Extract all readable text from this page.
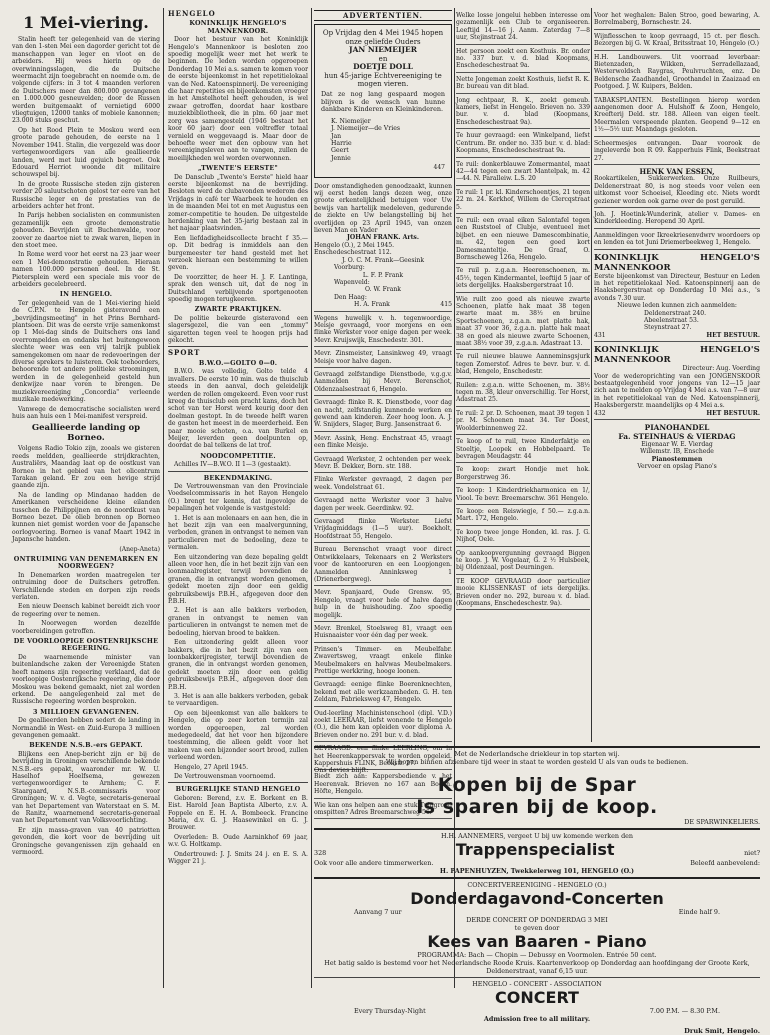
1 Mei-viering.

Stalin heeft ter gelegenheid van de viering van den 1-sten Mei een dagorder gericht tot de manschappen van leger en vloot en de arbeiders. Hij wees hierin op de overwinningsslagen, die de Duitsche weermacht zijn toegebracht en noemde o.m. de volgende cijfers: in 3 tot 4 maanden verloren de Duitschers meer dan 800.000 gevangenen en 1.000.000 gesneuvelden; door de Russen werden buitgemaakt of vernietigd 6000 vliegtuigen, 12000 tanks of mobiele kanonnen; 23.000 stuks geschut.

Op het Rood Plein te Moskou werd een groote parade gehouden, de eerste na 1 November 1941. Stalin, die vergezeld was door vertegenwoordigers van alle geallieerde landen, werd met luid gejuich begroet. Ook Edouard Herriot woonde dit militaire schouwspel bij.

In de groote Russische steden zijn gisteren verder 20 saluutschoten gelost ter eere van het Russische leger en de prestaties van de arbeiders achter het front.

In Parijs hebben socialisten en communisten gezamenlijk een groote demonstratie gehouden. Bevrijden uit Buchenwalde, voor zoover ze daartoe niet te zwak waren, liepen in den stoet mee.

In Rome werd voor het eerst na 23 jaar weer een 1 Mei-demonstratie gehouden. Hieraan namen 100.000 personen deel. In de St. Pietersplein werd een speciale mis voor de arbeiders gecelebreerd.

IN HENGELO.

Ter gelegenheid van de 1 Mei-viering hield de C.P.N. te Hengelo gisteravond een „bevrijdingsmeeting" in het Prins Bernhard-plantsoen. Dit was de eerste vrije samenkomst op 1 Mei-dag sinds de Duitschers ons land overrompelden en ondanks het buitengewoon slechte weer was een vrij talrijk publiek samengekomen om naar de redevoeringen der diverse sprekers te luisteren. Ook toehoorders, behoorende tot andere politieke stroomingen, werden in de gelegenheid gesteld hun denkwijze naar voren te brengen. De muziekvereeniging „Concordia" verleende muzikale medewerking.

Vanwege de democratische socialisten werd huis aan huis een 1 Mei-manifest verspreid.

Geallieerde landing op Borneo.

Volgens Radio Tokio zijn, zooals we gisteren reeds meldden, geallieerde strijdkrachten, Australiërs, Maandag laat op de oostkust van Borneo in het gebied van het olicentrum Tarakan geland. Er zou een hevige strijd gaande zijn.

Na de landing op Mindanao hadden de Amerikanen verscheidene kleine eilanden tusschen de Philippijnen en de noordkust van Borneo bezet. De olieb bronnen op Borneo kunnen niet gemist worden voor de Japansche oorlogvoering. Borneo is vanaf Maart 1942 in Japansche handen.

(Aneр-Aneta)
ONTRUIMING VAN DENEMARKEN EN NOORWEGEN?

In Denemarken worden maatregelen ter ontruiming door de Duitschers getroffen. Verschillende steden en dorpen zijn reeds verlaten.

Een nieuw Deensch kabinet bereidt zich voor de regeering over te nemen.

In Noorwegen worden dezelfde voorbereidingen getroffen.

DE VOORLOOPIGE OOSTENRIJKSCHE REGEERING.

De waarnemende minister van buitenlandsche zaken der Vereenigde Staten heeft namens zijn regeering verklaard, dat de voorloopige Oostenrijksche regeering, die door Moskou was bekend gemaakt, niet zal worden erkend. De aangelegenheid zal met de Russische regeering worden besproken.

3 MILLIOEN GEVANGENEN.

De geallieerden hebben sedert de landing in Normandië in West- en Zuid-Europa 3 millioen gevangenen gemaakt.

BEKENDE N.S.B.-ers GEPAKT.

Blijkens een Aneр-bericht zijn er bij de bevrijding in Groningen verschillende bekende N.S.B.-ers gepakt, waaronder mr. W. U. Haselhof Hoelfsema, gewezen vertegenwoordiger te Arnhem; C. F. Staargaard, N.S.B.-commissaris voor Groningen; W. v. d. Vegte, secretaris-generaal van het Departement van Waterstaat en S. M. de Ranitz, waarnemend secretaris-generaal van het Departement van Volksvoorlichting.

Er zijn massa-graven van 40 patriotten gevonden, die kort voor de bevrijding uit Groningsche gevangenissen zijn gehaald en vermoord.

HENGELO
KONINKLIJK HENGELO'S MANNENKOOR.

Door het bestuur van het Koninklijk Hengelo's Mannenkoor is besloten zoo spoedig mogelijk weer met het werk te beginnen. De leden worden opgeroepen Donderdag 10 Mei a.s. samen te komen voor de eerste bijeenkomst in het repetitielokaal van de Ned. Katoenspinnerij. De vereeniging die haar repetities en bijeenkomsten vroeger in het Amstelhotel heeft gehouden, is wel zwaar getroffen, doordat haar kostbare muziekbibliotheek, die in plm. 60 jaar met zorg was samengesteld (1946 bestaat het koor 60 jaar) door een voltreffer totaal vernield en weggevaagd is. Maar door de behoefte weer met den opbouw van het vereenigingsleven aan te vangen, zullen de moeilijkheden wel worden overwonnen.

„TWENTE'S EERSTE"

De Dansclub „Twente's Eerste" hield haar eerste bijeenkomst na de bevrijding. Besloten werd de clubavonden wederom des Vrijdags in café ter Waarbeek te houden en in de maanden Mei tot en met Augustus een zomer-competitie te houden. De uitgestelde herdenking van het 35-jarig bestaan zal in het najaar plaatsvinden.

Een liefdadigheidscollecte bracht f 35.— op. Dit bedrag is inmiddels aan den burgemeester ter hand gesteld met het verzoek hieraan een bestemming te willen geven.

De voorzitter, de heer H. J. F. Lantinga, sprak den wensch uit, dat de nog in Duitschland verblijvende sportgenooten spoedig mogen terugkeeren.

ZWARTE PRAKTIJKEN.

De politie bekeurde gisteravond een slagersgezel, die van een „tommy" sigaretten tegen veel te hoogen prijs had gekocht.

SPORT
B.W.O.—GOLTO 0—0.

B.W.O. was volledig, Golto telde 4 invallers. De eerste 10 min. was de thuisclub steeds in den aanval, doch geleidelijk werden de rollen omgekeerd. Even voor rust kreeg de thuisclub een pracht kans, doch het schot van ter Horst werd keurig door den doelman gestopt. In de tweede helft waren de gasten het meest in de meerderheid. Een paar mooie schoten, o.a. van Burkel en Meijer, leverden geen doelpunten op, doordat de bal telkens de lat trof.

NOODCOMPETITIE.

Achilles IV—B.W.O. II 1—3 (gestaakt).

BEKENDMAKING.

De Vertrouwensman van den Provinciale Voedselcommissaris in het Rayon Hengelo (O.) brengt ter kennis, dat ingevolge de bepalingen het volgende is vastgesteld:

1. Het is aan molenaars en aan hen, die in het bezit zijn van een maalvergunning, verboden, granen in ontvangst te nemen van particulieren met de bedoeling, deze te vermalen.

Een uitzondering van deze bepaling geldt alleen voor hen, die in het bezit zijn van een loonmaalregister, terwijl bovendien de granen, die in ontvangst worden genomen, gedekt moeten zijn door een geldig gebruiksbewijs P.B.H., afgegeven door den P.B.H.

2. Het is aan alle bakkers verboden, granen in ontvangst te nemen van particulieren in ontvangst te nemen met de bedoeling, hiervan brood te bakken.

Een uitzondering geldt alleen voor bakkers, die in het bezit zijn van een loonbakkerijregister, terwijl bovendien de granen, die in ontvangst worden genomen, gedekt moeten zijn door een geldig gebruiksbewijs P.B.H., afgegeven door den P.B.H.

3. Het is aan alle bakkers verboden, gebak te vervaardigen.

Op een bijeenkomst van alle bakkers te Hengelo, die op zeer korten termijn zal worden opgeroepen, zal worden medegedeeld, dat het voor hen bijzondere toestemming, die alleen geldt voor het maken van een bijzonder soort brood, zullen verleend worden.

Hengelo, 27 April 1945.

De Vertrouwensman voornoemd.

BURGERLIJKE STAND HENGELO

Geboren: Berend, z.v. E. Borkent en B. Eist. Harold Jean Baptista Alberto, z.v. A. Foppele en E. H. A. Bombeeck. Francine Maria, d.v. G. J. Haasewinkel en G. J. Brouwer.

Overleden: B. Oude Aarninkhof 69 jaar, w.v. G. Holtkamp.

Ondertrouwd: J. J. Smits 24 j. en E. S. A. Wigger 21 j.

ADVERTENTIEN.
Op Vrijdag den 4 Mei 1945 hopen onze geliefde Ouders
JAN NIEMEIJER
en
DOETJE DOLL
hun 45-jarige Echtvereeniging te mogen vieren.
Dat ze nog lang gespaard mogen blijven is de wensch van hunne dankbare Kinderen en Kleinkinderen.
K. Niemeijer
J. Niemeijer—de Vries
Jan
Harrie
Geert
Jennie
447
Door omstandigheden genoodzaakt, kunnen wij eerst heden langs dezen weg, onze groote erkentelijkheid betuigen voor Uw bewijs van hartelijk medeleven, gedurende de ziekte en Uw belangstelling bij het overlijden op 23 April 1945, van onzen lieven Man en Vader
JOHAN FRANK. Arts.
Hengelo (O.), 2 Mei 1945.
Enschedeschestraat 112.
J. O. C. M. Frank—Geesink
Voorburg:
L. F. P. Frank
Wapenveld:
O. W. Frank
Den Haag:
H. A. Frank	415
Wegens huwelijk v. h. tegenwoordige, Meisje gevraagd, voor morgens en een flinke Werkster voor enige dagen per week. Mevr. Kruijswijk, Enschedestr. 301.
Mevr. Zinsmeister, Lansinkweg 49, vraagt Meisje voor halve dagen.
Gevraagd zelfstandige Dienstbode, v.g.g.v. Aanmelden bij Mevr. Berenschot, Oldenzaalsestraat 6, Hengelo.
Gevraagd: flinke R. K. Dienstbode, voor dag en nacht, zelfstandig kunnende werken en gewend aan kinderen. Zeer hoog loon. A. J. W. Snijders, Slager, Burg. Jansenstraat 6.
Mevr. Assink, Heng. Enchstraat 45, vraagt een flinke Meisje.
Gevraagd Werkster, 2 ochtenden per week. Mevr. B. Dekker, Born. str. 188.
Flinke Werkster gevraagd, 2 dagen per week. Vondelstraat 61.
Gevraagd nette Werkster voor 3 halve dagen per week. Geerdinkw. 92.
Gevraagd flinke Werkster. Liefst Vrijdagmiddags (1—5 uur). Boekholt, Hoofdstraat 55, Hengelo.
Bureau Berenschot vraagt voor direct Ontwikkelaars, Tekenaars en 2 Werksters voor de kantooruren en een Loopjongen. Aanmelden Anninksweg 1 (Drienerbergweg).
Mevr. Spanjaard, Oude Grensw. 95, Hengelo, vraagt voor hele of halve dagen hulp in de huishouding. Zoo spoedig mogelijk.
Mevr. Brenkel, Stoelsweg 81, vraagt een Huisnaaister voor één dag per week.
Prinsen's Timmer- en Meubelfabr. Zwavertsweg, vraagt enkele flinke Meubelmakers en halvwas Meubelmakers. Prettige werkkring, hooge loonen.
Gevraagd: eenige flinke Boerenknechten, bekend met alle werkzaamheden. G. H. ten Zeldam, Fabrieksweg 47, Hengelo.
Oud-leerling Machinistenschool (dipl. V.D.) zoekt LEERAAR, liefst wonende te Hengelo (O.), die hem kan opleiden voor diploma A. Brieven onder no. 291 bur. v. d. blad.
GEVRAAGD: een flinke LEERLING, om in het Heerenkappersvak te worden opgeleid. Kappershuis FLINK, Beekstr. 27.
Biedt zich aan: Kappersbediende v. het Heerenvak. Brieven no 167 aan Boekh. Höfte, Hengelo.
Wie kan ons helpen aan ene stuk Tuingrond omspitten? Adres Breemarschweg 56.
Welke losse jongelui hebben interesse om gezamenlijk een Club te organiseeren. Leeftijd 14—16 j. Aanm. Zaterdag 7—8 uur, Stejinstraat 24.
Het persoon zoekt een Kosthuis. Br. onder no. 337 bur. v. d. blad Koopmans, Enschedeschestraat 9a.
Nette Jongeman zoekt Kosthuis, liefst R. K. Br. bureau van dit blad.
Jong echtpaar, R. K., zoekt gemeub. kamers, liefst in Hengelo. Brieven no. 339 bur. v. d. blad (Koopmans, Enschedeschestraat 9a).
Te huur gevraagd: een Winkelpand, liefst Centrum. Br. onder no. 335 bur. v. d. blad: Koopmans, Enschedeschestraat 9a.
Te ruil: donkerblauwe Zomermantel, maat 42—44 tegen een zwart Mantelpak, m. 42—44. N. Paralleiw. L.S. 20
Te ruil: 1 pr. kl. Kinderschoentjes, 21 tegen 22 m. 24. Kerkhof, Willem de Clercqstraat 5.
Te ruil: een ovaal eiken Salontafel tegen een Ruststoel of Clubje, eventueel met bijbet. en een nieuwe Damescombinatie, m. 42, tegen een goed kort Damesmanteltje. De Graaf, O. Bornscheweg 126a, Hengelo.
Te ruil p. z.g.a.n. Heerenschoenen, m. 45½, tegen Kindermantel, leeftijd 5 jaar of iets dergelijks. Haaksbergerstraat 10.
Wie ruilt zoo goed als nieuwe zwarte Schoenen, platte hak maat 38 tegen zwarte maat m. 38½ en bruine Sportschoenen, z.g.a.n. met platte hak, maat 37 voor 36, z.g.a.n. platte hak maat 38 en goed als nieuwe zwarte Schoenen, maat 38½ voor 39, z.g.a.n. Adastraat 13.
Te ruil nieuwe blauwe Aanneminsgsjurk tegen Zomerstof. Adres te bevr. bur. v. d. blad, Hengelo, Enschedestr.
Ruilen: z.g.a.n. witte Schoenen, m. 38½ tegen m. 38, kleur onverschillig. Ter Horst, Adastraat 25.
Te ruil: 2 pr. D. Schoenen, maat 39 tegen 1 pr. M. Schoenen maat 34. Ter Doest, Woolderbinnenweg 22.
Te koop of te ruil, twee Kinderfaktje en Stoeltje, Loopek en Hobbelpaard. Te bevragen Meudagstr. 44
Te koop: zwart Hondje met hok. Borgerstrweg 36.
Te koop: 1 Kinderdriekharmonica en 1/, Viool. Te bevr. Breemarschw. 361 Hengelo.
Te koop: een Reiswiegje, f 50.— z.g.a.n. Mart. 172, Hengelo.
Te koop twee jonge Honden, kl. ras. J. G. Nijhof, Oele.
Op aankoopvergunning gevraagd Biggen te koop. J. W. Vogelaar, G. 2 ½ Hulsbeek, bij Oldenzaal, post Deurningen.
TE KOOP GEVRAAGD door particulier mooie KLISSENKAST of iets dergelijks. Brieven onder no. 292, bureau v. d. blad. (Koopmans, Enschedeschestr. 9a).
Voor het weghalen: Balen Stroo, goed bewaring, A. Borrelmaberg, Bornschestr. 24.
Wijnflesschen te koop gevraagd, 15 ct. per flesch. Bezorgen bij G. W. Kraal, Britsstraat 10, Hengelo (O.)
H.H. Landbouwers. Uit voorraad leverbaar: Bietenzaden, Wikken, Serradellazaad, Westerwoldsch Raygras, Peulvruchten, enz. De Beldensche Zaadhandel, Groothandel in Zaaizaad en Pootgoed. J. W. Kuipers, Belden.
TABAKSPLANTEN. Bestellingen hierop worden aangenomen door A. Hulshoff & Zoon, Hengelo, Kreefterij Deld. str. 188. Alleen van eigen teelt. Meermalen verspeende planten. Geopend 9—12 en 1½—5½ uur. Maandags gesloten.
Scheermesjes ontvangen. Daar voorook de ingeleverde bon R 09. Kapperhuis Flink, Beekstraat 27.
HENK VAN ESSEN,
Rookartikelen, Sukkerwerken. Onze Ruilbeurs, Deldenerstraat 80, is nog steeds voor velen een uitkomst voor Schoeisel, Kleeding etc. Niets wordt geziener worden ook garne over de post geruild.
Joh. J. Hoetink-Wunderink, atelier v. Dames- en Kinderkleeding. Heropend 30 April.
Aanmeldingen voor Ikreekriesenvdwrv woordoers op en lenden ea tot Juni Driemerbeekweg 1, Hengelo.
KONINKLIJK HENGELO'S MANNENKOOR
Eerste bijeenkomst van Directeur, Bestuur en Leden in het repetitielokaal Ned. Katoenspinnerij aan de Haaksbergerstraat op Donderdag 10 Mei a.s., 's avonds 7.30 uur.
Nieuwe leden kunnen zich aanmelden:
Deldenerstraat 240.
Abeelenstraat 53.
Steynstraat 27.
431	HET BESTUUR.
KONINKLIJK HENGELO'S MANNENKOOR
Directeur: Aug. Voerding
Voor de wederoprichting van een JONGENSKOOR bestaatgelegenheid voor jongens van 12—15 jaar zich aan te melden op Vrijdag 4 Mei a.s. van 7—8 uur in het repetitielokaal van de Ned. Katoenspinnerij, Haaksbergerstr. maandelijks op 4 Mei a.s.
432	HET BESTUUR.
PIANOHANDEL
Fa. STEINHAUS & VIERDAG
Eigenaar W. E. Vierdag
Willemstr. IB, Enschede
Pianostemmen
Vervoer en opslag Piano's
Met de Nederlandsche driekleur in top starten wij.
Wij hopen binnen afzienbare tijd weer in staat te worden gesteld U als van ouds te bedienen.
Ons devies blijft:
Kopen bij de Spar
Is sparen bij de koop.
DE SPARWINKELIERS.
H.H. AANNEMERS, vergeet U bij uw komende werken den
328	Trappenspecialist	niet?
Ook voor alle andere timmerwerken.	Beleefd aanbevelend:
H. PAPENHUYZEN, Twekkelerweg 101, HENGELO (O.)
CONCERTVEREENIGING - HENGELO (O.)
Donderdagavond-Concerten
Aanvang 7 uur	Einde half 9.
DERDE CONCERT OP DONDERDAG 3 MEI
te geven door
Kees van Baaren - Piano
PROGRAMMA: Bach — Chopin — Debussy en Voormolen. Entrée 50 cent.
Het batig saldo is bestemd voor het Nederlandsche Roode Kruis. Kaartenverkoop op Donderdag aan hoofdingang der Groote Kerk, Deldenerstraat, vanaf 6,15 uur.
HENGELO - CONCERT - ASSOCIATION
CONCERT
Every Thursday-Night	7.00 P.M. — 8.30 P.M.
Admission free to all military.
Druk Smit, Hengelo.
